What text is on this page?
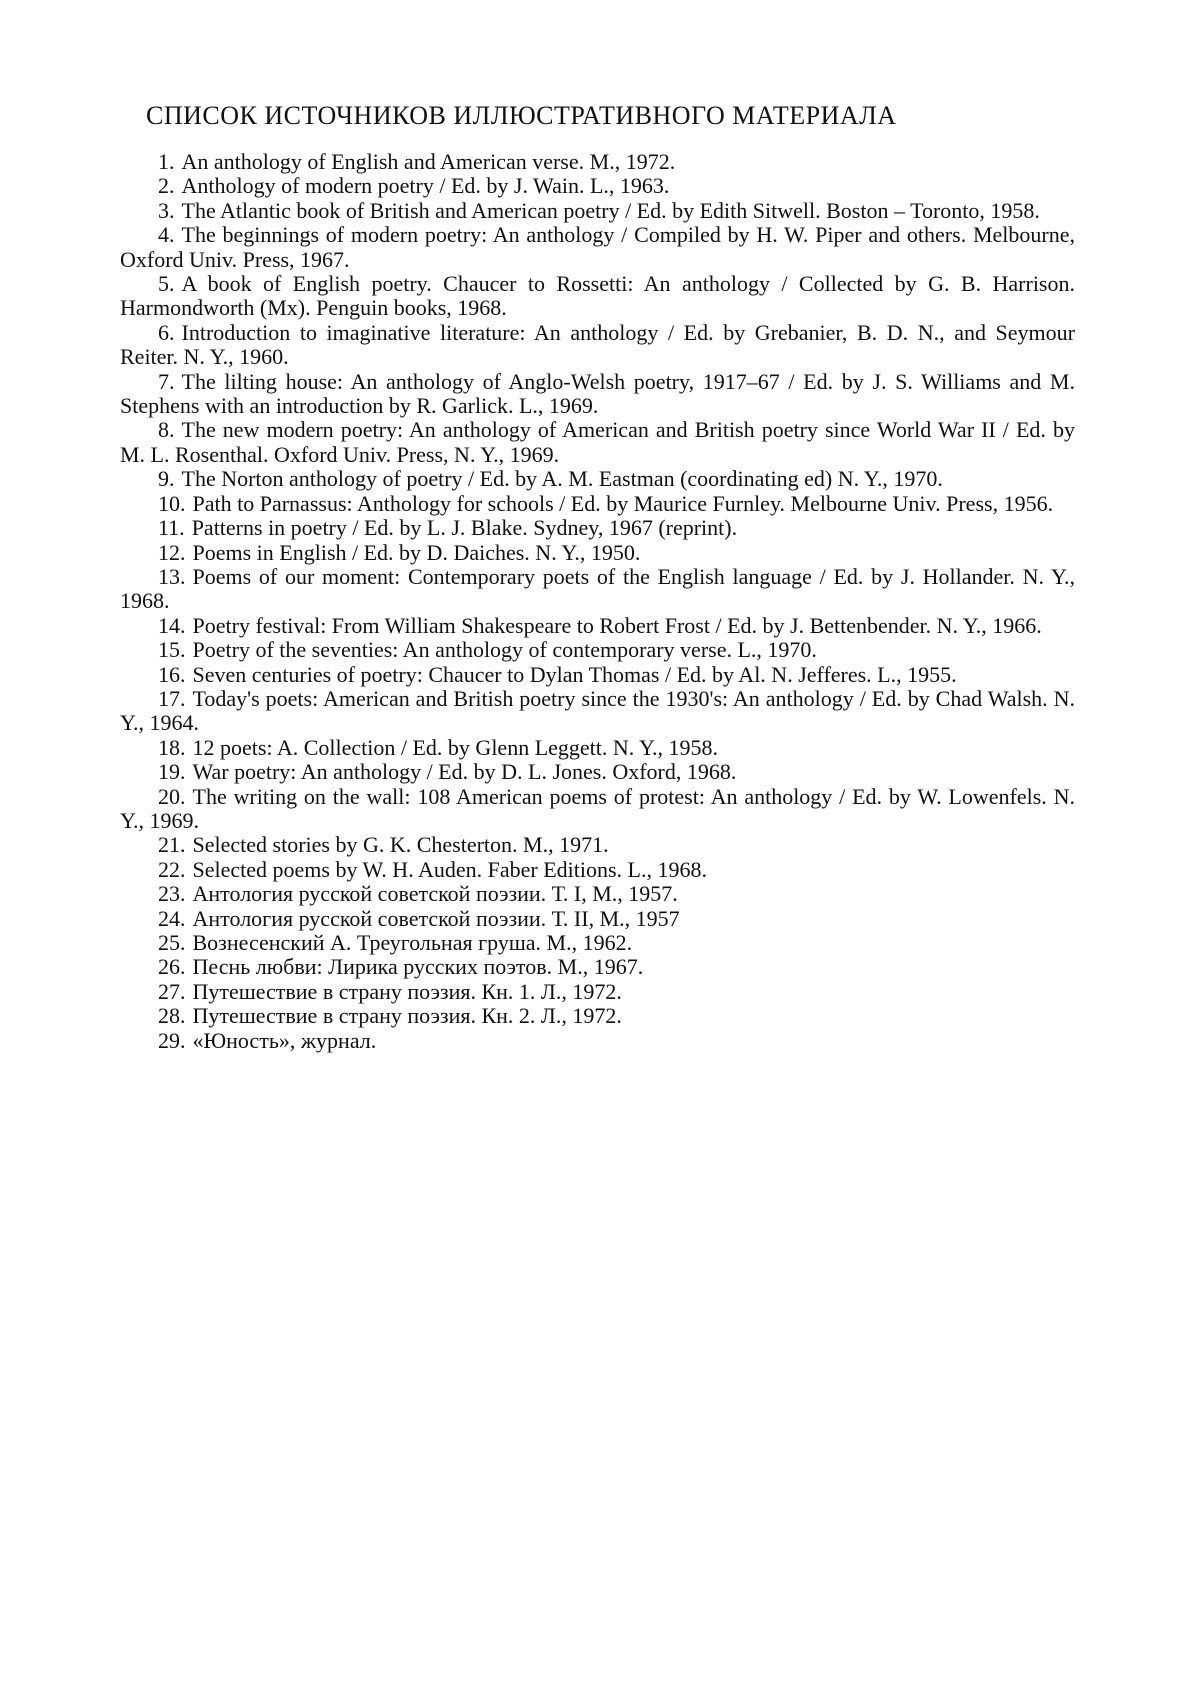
СПИСОК ИСТОЧНИКОВ ИЛЛЮСТРАТИВНОГО МАТЕРИАЛА
1. An anthology of English and American verse. M., 1972.
2. Anthology of modern poetry / Ed. by J. Wain. L., 1963.
3. The Atlantic book of British and American poetry / Ed. by Edith Sitwell. Boston – Toronto, 1958.
4. The beginnings of modern poetry: An anthology / Compiled by H. W. Piper and others. Melbourne, Oxford Univ. Press, 1967.
5. A book of English poetry. Chaucer to Rossetti: An anthology / Collected by G. B. Harrison. Harmondworth (Mx). Penguin books, 1968.
6. Introduction to imaginative literature: An anthology / Ed. by Grebanier, B. D. N., and Seymour Reiter. N. Y., 1960.
7. The lilting house: An anthology of Anglo-Welsh poetry, 1917–67 / Ed. by J. S. Williams and M. Stephens with an introduction by R. Garlick. L., 1969.
8. The new modern poetry: An anthology of American and British poetry since World War II / Ed. by M. L. Rosenthal. Oxford Univ. Press, N. Y., 1969.
9. The Norton anthology of poetry / Ed. by A. M. Eastman (coordinating ed) N. Y., 1970.
10. Path to Parnassus: Anthology for schools / Ed. by Maurice Furnley. Melbourne Univ. Press, 1956.
11. Patterns in poetry / Ed. by L. J. Blake. Sydney, 1967 (reprint).
12. Poems in English / Ed. by D. Daiches. N. Y., 1950.
13. Poems of our moment: Contemporary poets of the English language / Ed. by J. Hollander. N. Y., 1968.
14. Poetry festival: From William Shakespeare to Robert Frost / Ed. by J. Bettenbender. N. Y., 1966.
15. Poetry of the seventies: An anthology of contemporary verse. L., 1970.
16. Seven centuries of poetry: Chaucer to Dylan Thomas / Ed. by Al. N. Jefferes. L., 1955.
17. Today's poets: American and British poetry since the 1930's: An anthology / Ed. by Chad Walsh. N. Y., 1964.
18. 12 poets: A. Collection / Ed. by Glenn Leggett. N. Y., 1958.
19. War poetry: An anthology / Ed. by D. L. Jones. Oxford, 1968.
20. The writing on the wall: 108 American poems of protest: An anthology / Ed. by W. Lowenfels. N. Y., 1969.
21. Selected stories by G. K. Chesterton. M., 1971.
22. Selected poems by W. H. Auden. Faber Editions. L., 1968.
23. Антология русской советской поэзии. Т. I, М., 1957.
24. Антология русской советской поэзии. Т. II, М., 1957
25. Вознесенский А. Треугольная груша. М., 1962.
26. Песнь любви: Лирика русских поэтов. М., 1967.
27. Путешествие в страну поэзия. Кн. 1. Л., 1972.
28. Путешествие в страну поэзия. Кн. 2. Л., 1972.
29. «Юность», журнал.
